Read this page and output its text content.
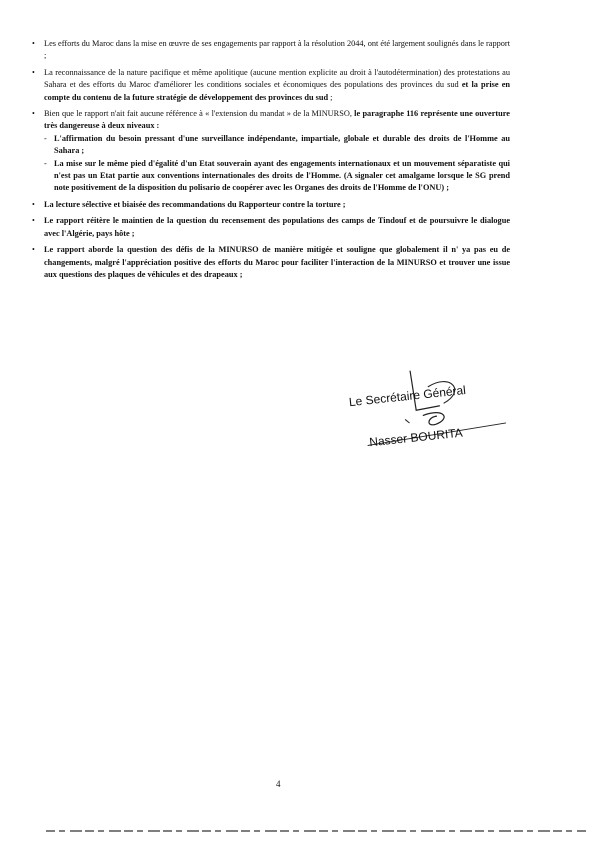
• Les efforts du Maroc dans la mise en œuvre de ses engagements par rapport à la résolution 2044, ont été largement soulignés dans le rapport ;
• La reconnaissance de la nature pacifique et même apolitique (aucune mention explicite au droit à l'autodétermination) des protestations au Sahara et des efforts du Maroc d'améliorer les conditions sociales et économiques des populations des provinces du sud et la prise en compte du contenu de la future stratégie de développement des provinces du sud ;
• Bien que le rapport n'ait fait aucune référence à « l'extension du mandat » de la MINURSO, le paragraphe 116 représente une ouverture très dangereuse à deux niveaux :
- L'affirmation du besoin pressant d'une surveillance indépendante, impartiale, globale et durable des droits de l'Homme au Sahara ;
- La mise sur le même pied d'égalité d'un Etat souverain ayant des engagements internationaux et un mouvement séparatiste qui n'est pas un Etat partie aux conventions internationales des droits de l'Homme. (A signaler cet amalgame lorsque le SG prend note positivement de la disposition du polisario de coopérer avec les Organes des droits de l'Homme de l'ONU) ;
• La lecture sélective et biaisée des recommandations du Rapporteur contre la torture ;
• Le rapport réitère le maintien de la question du recensement des populations des camps de Tindouf et de poursuivre le dialogue avec l'Algérie, pays hôte ;
• Le rapport aborde la question des défis de la MINURSO de manière mitigée et souligne que globalement il n' ya pas eu de changements, malgré l'appréciation positive des efforts du Maroc pour faciliter l'interaction de la MINURSO et trouver une issue aux questions des plaques de véhicules et des drapeaux ;
Le Secrétaire Général
Nasser BOURITA
4
